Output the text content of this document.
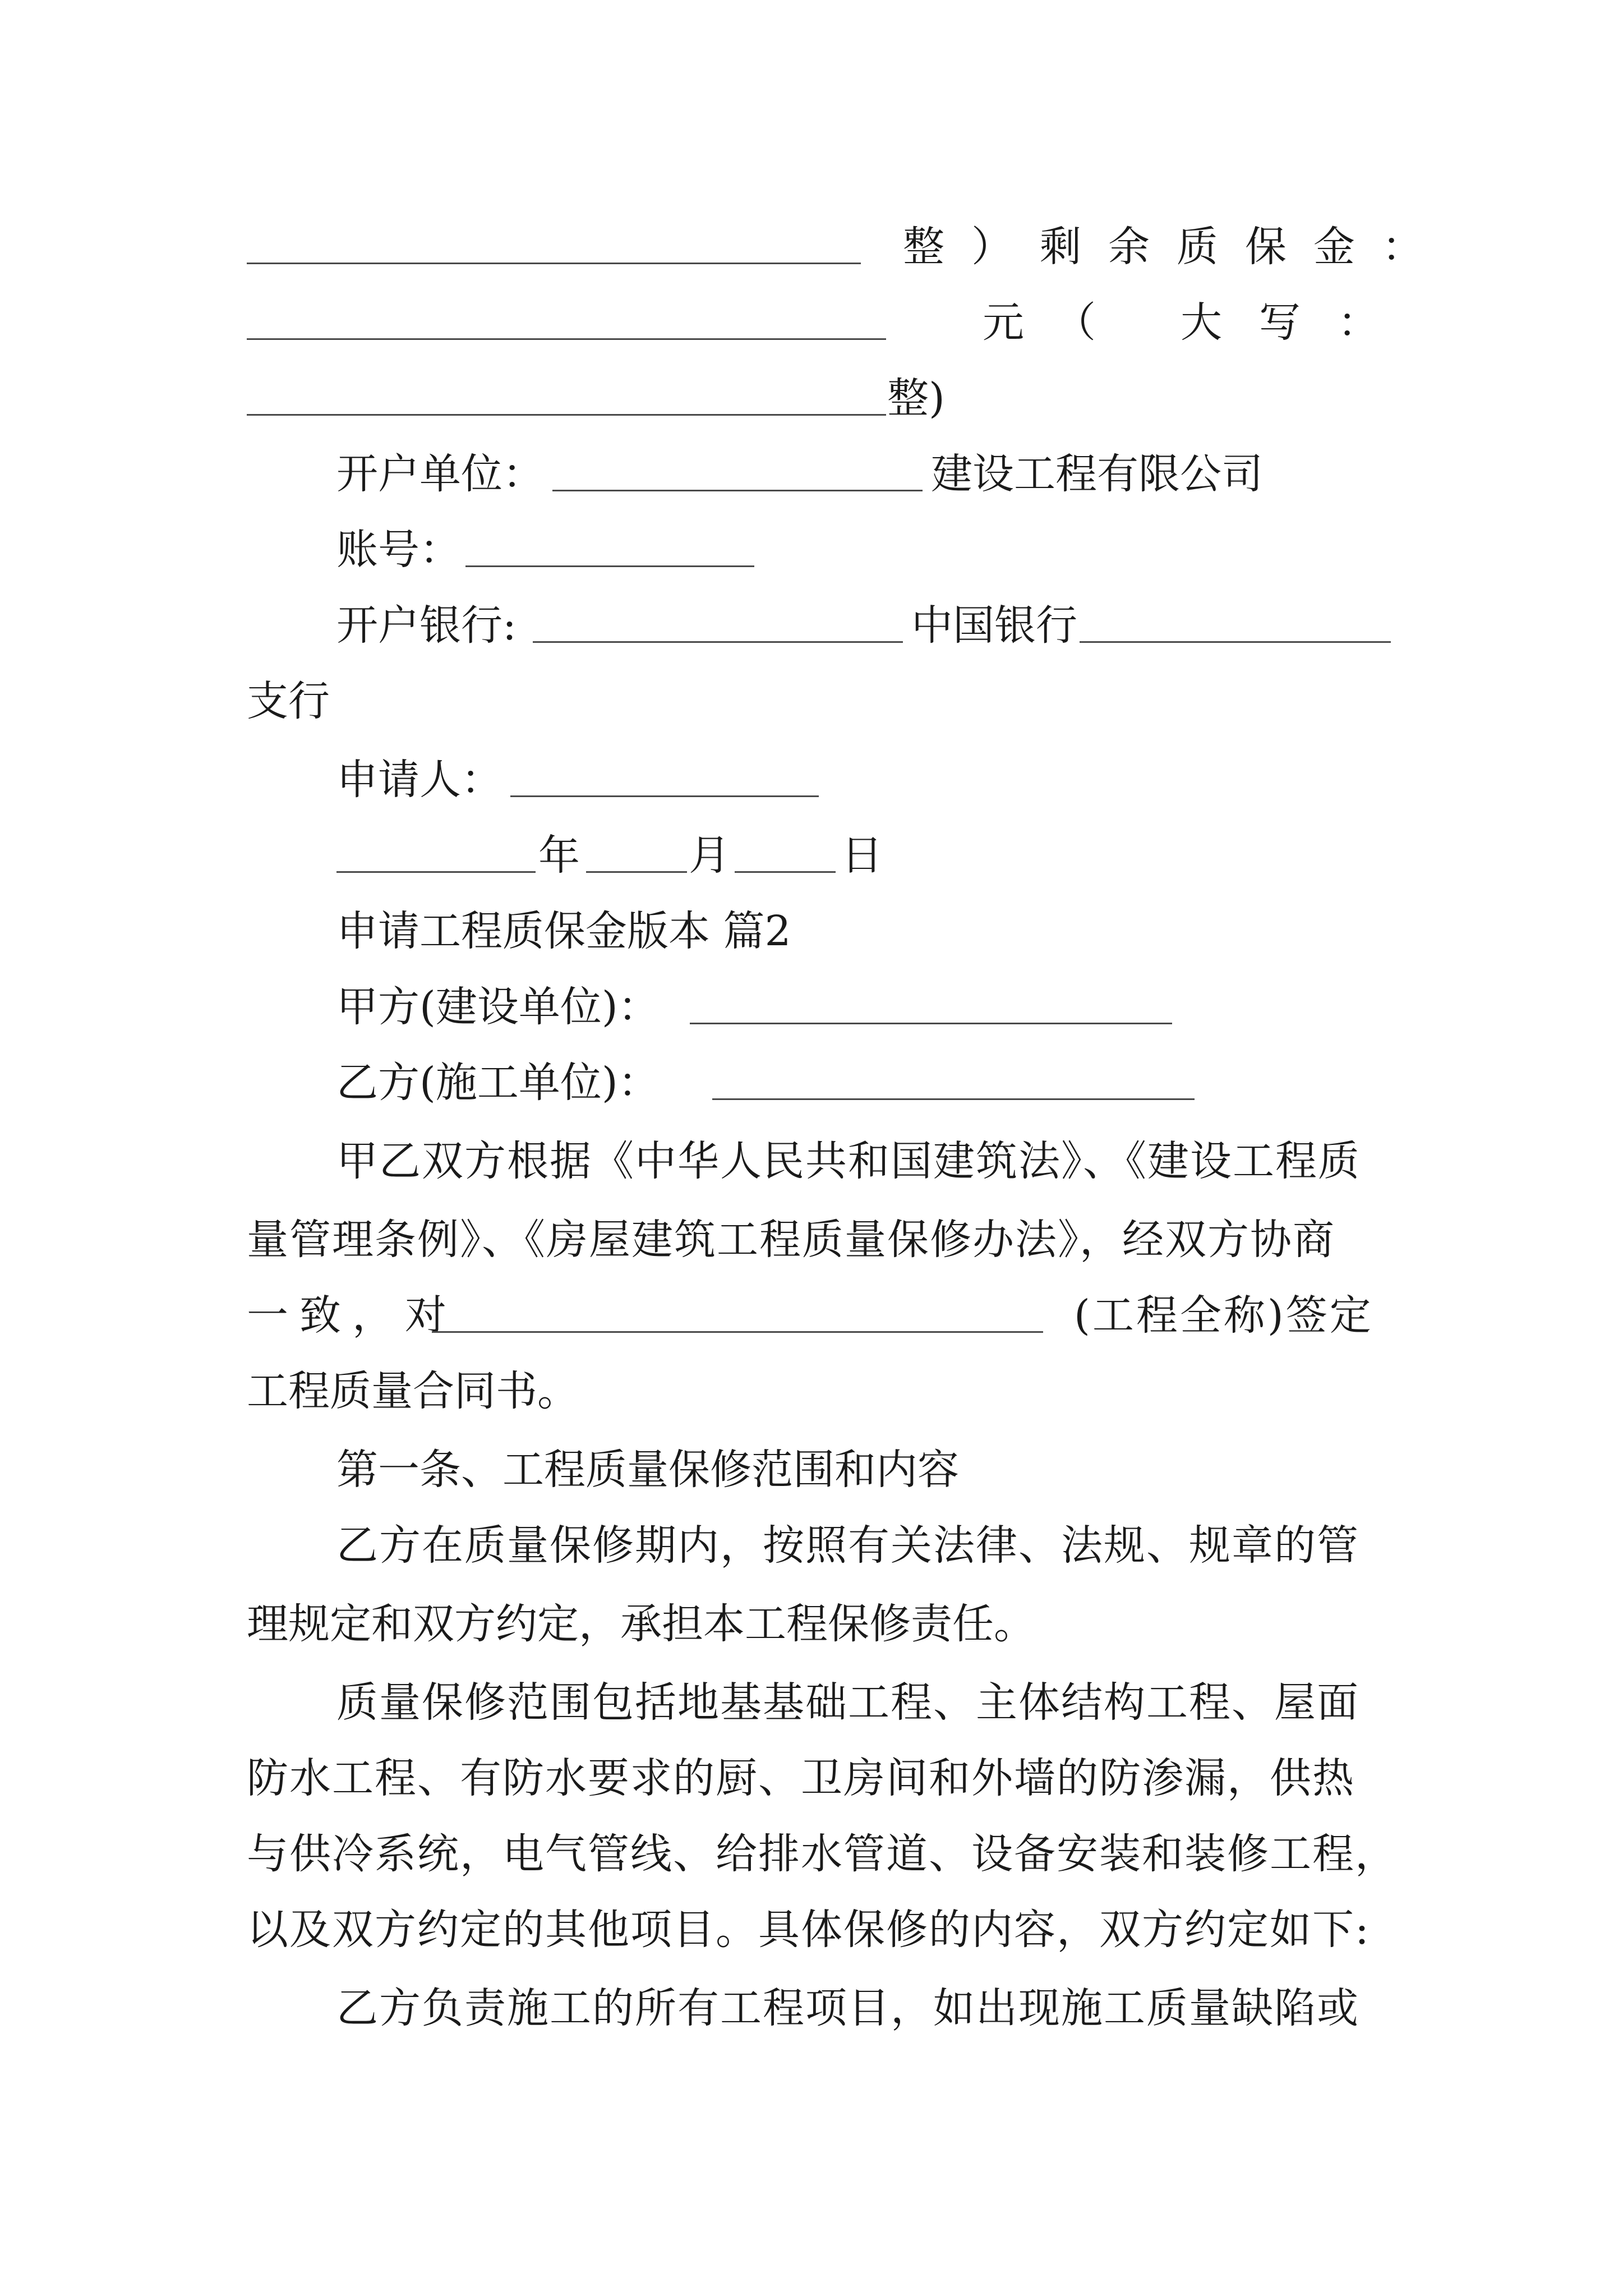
整）剩余质保金：
元 （ 大 写 ：
整)
开户单位：	建设工程有限公司
账号：
开户银行:	中国银行
支行
申请人：
年	月	日
申请工程质保金版本 篇2
甲方(建设单位)：
乙方(施工单位)：
甲乙双方根据《中华人民共和国建筑法》、《建设工程质
量管理条例》、《房屋建筑工程质量保修办法》，经双方协商
一致，对	(工程全称)签定
工程质量合同书。
第一条、工程质量保修范围和内容
乙方在质量保修期内，按照有关法律、法规、规章的管
理规定和双方约定，承担本工程保修责任。
质量保修范围包括地基基础工程、主体结构工程、屋面
防水工程、有防水要求的厨、卫房间和外墙的防渗漏，供热
与供冷系统，电气管线、给排水管道、设备安装和装修工程，
以及双方约定的其他项目。具体保修的内容，双方约定如下:
乙方负责施工的所有工程项目，如出现施工质量缺陷或
